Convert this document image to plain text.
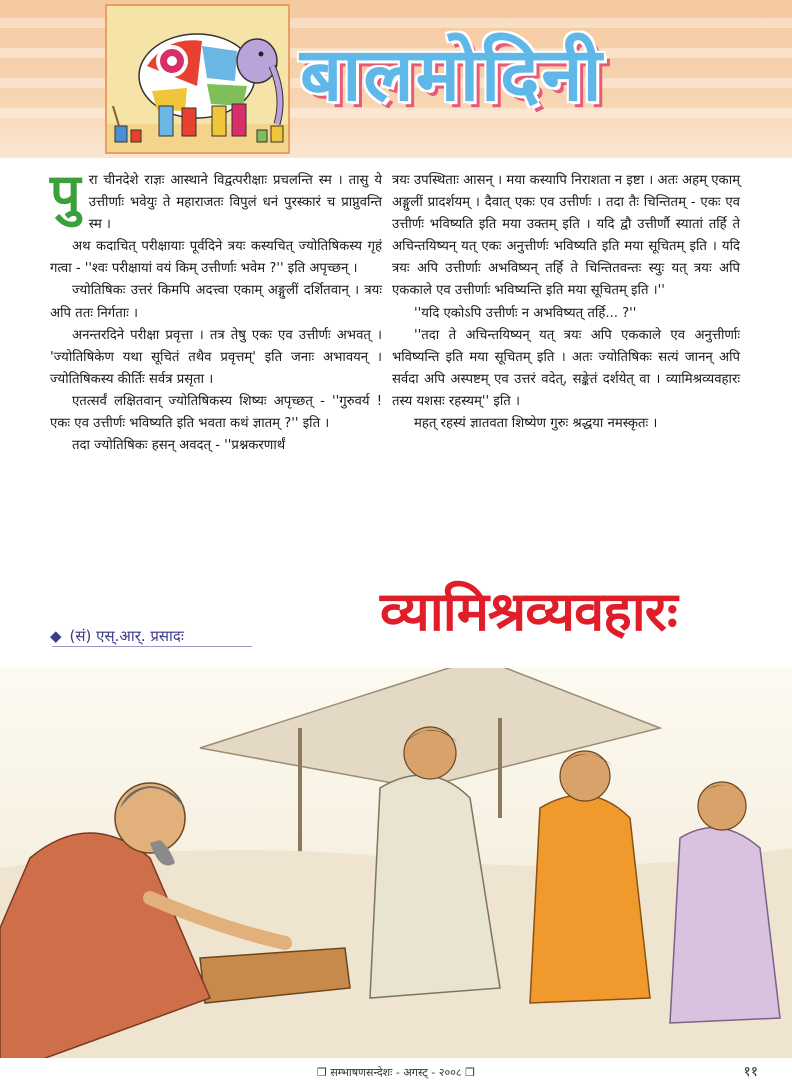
बालमोदिनी

पुरा चीनदेशे राज्ञः आस्थाने विद्वत्परीक्षाः प्रचलन्ति स्म । तासु ये उत्तीर्णाः भवेयुः ते महाराजतः विपुलं धनं पुरस्कारं च प्राप्नुवन्ति स्म ।

अथ कदाचित् परीक्षायाः पूर्वदिने त्रयः कस्यचित् ज्योतिषिकस्य गृहं गत्वा - ''श्वः परीक्षायां वयं किम् उत्तीर्णाः भवेम ?'' इति अपृच्छन् ।

ज्योतिषिकः उत्तरं किमपि अदत्त्वा एकाम् अङ्गुलीं दर्शितवान् । त्रयः अपि ततः निर्गताः ।

अनन्तरदिने परीक्षा प्रवृत्ता । तत्र तेषु एकः एव उत्तीर्णः अभवत् । 'ज्योतिषिकेण यथा सूचितं तथैव प्रवृत्तम्' इति जनाः अभावयन् । ज्योतिषिकस्य कीर्तिः सर्वत्र प्रसृता ।

एतत्सर्वं लक्षितवान् ज्योतिषिकस्य शिष्यः अपृच्छत् - ''गुरुवर्य ! एकः एव उत्तीर्णः भविष्यति इति भवता कथं ज्ञातम् ?'' इति ।

तदा ज्योतिषिकः हसन् अवदत् - ''प्रश्नकरणार्थं

त्रयः उपस्थिताः आसन् । मया कस्यापि निराशता न इष्टा । अतः अहम् एकाम् अङ्गुलीं प्रादर्शयम् । दैवात् एकः एव उत्तीर्णः । तदा तैः चिन्तितम् - एकः एव उत्तीर्णः भविष्यति इति मया उक्तम् इति । यदि द्वौ उत्तीर्णौ स्यातां तर्हि ते अचिन्तयिष्यन् यत् एकः अनुत्तीर्णः भविष्यति इति मया सूचितम् इति । यदि त्रयः अपि उत्तीर्णाः अभविष्यन् तर्हि ते चिन्तितवन्तः स्युः यत् त्रयः अपि एककाले एव उत्तीर्णाः भविष्यन्ति इति मया सूचितम् इति ।''

''यदि एकोऽपि उत्तीर्णः न अभविष्यत् तर्हि... ?''

''तदा ते अचिन्तयिष्यन् यत् त्रयः अपि एककाले एव अनुत्तीर्णाः भविष्यन्ति इति मया सूचितम् इति । अतः ज्योतिषिकः सत्यं जानन् अपि सर्वदा अपि अस्पष्टम् एव उत्तरं वदेत्, सङ्केतं दर्शयेत् वा । व्यामिश्रव्यवहारः तस्य यशसः रहस्यम्'' इति ।

महत् रहस्यं ज्ञातवता शिष्येण गुरुः श्रद्धया नमस्कृतः ।

व्यामिश्रव्यवहारः
◆ (सं) एस्.आर्. प्रसादः
❒ सम्भाषणसन्देशः - अगस्ट् - २००८ ❒	११
